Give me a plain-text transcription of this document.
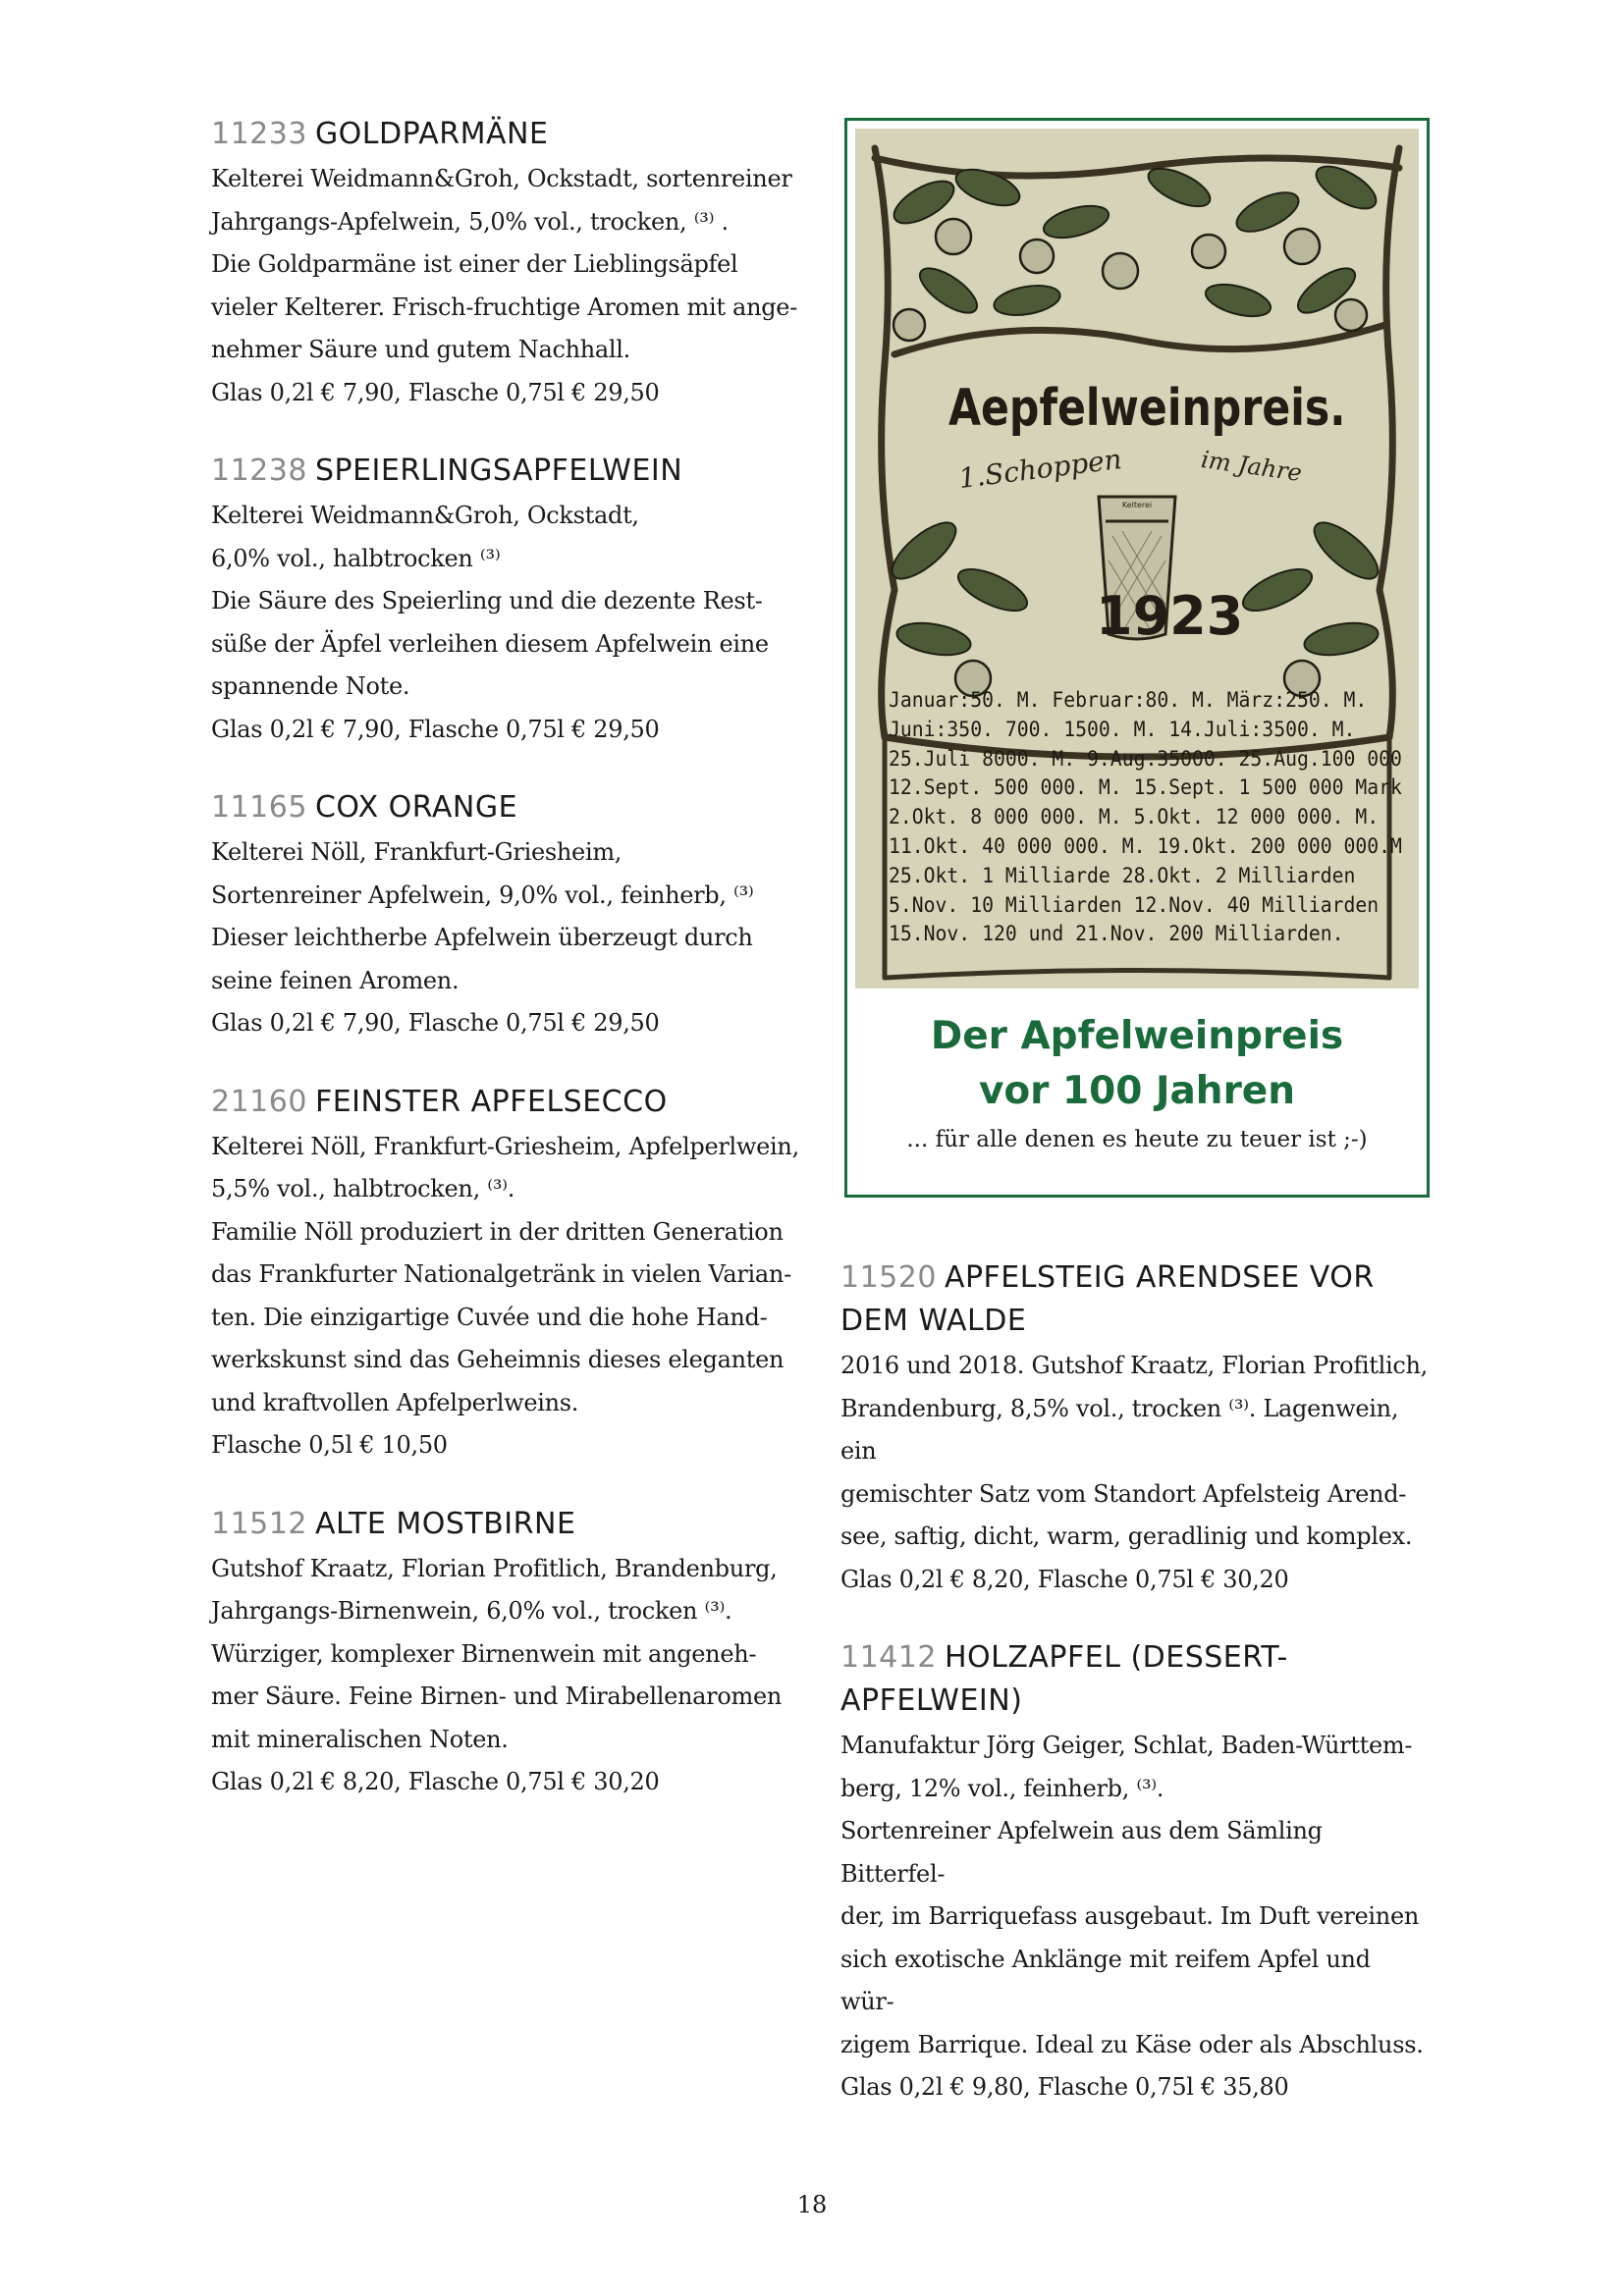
11233 GOLDPARMÄNE

Kelterei Weidmann&Groh, Ockstadt, sortenreiner
Jahrgangs-Apfelwein, 5,0% vol., trocken, ⁽³⁾ .
Die Goldparmäne ist einer der Lieblingsäpfel
vieler Kelterer. Frisch-fruchtige Aromen mit ange-
nehmer Säure und gutem Nachhall.
Glas 0,2l € 7,90, Flasche 0,75l € 29,50

11238 SPEIERLINGSAPFELWEIN

Kelterei Weidmann&Groh, Ockstadt,
6,0% vol., halbtrocken ⁽³⁾
Die Säure des Speierling und die dezente Rest-
süße der Äpfel verleihen diesem Apfelwein eine
spannende Note.
Glas 0,2l € 7,90, Flasche 0,75l € 29,50

11165 COX ORANGE

Kelterei Nöll, Frankfurt-Griesheim,
Sortenreiner Apfelwein, 9,0% vol., feinherb, ⁽³⁾
Dieser leichtherbe Apfelwein überzeugt durch
seine feinen Aromen.
Glas 0,2l € 7,90, Flasche 0,75l € 29,50

21160 FEINSTER APFELSECCO

Kelterei Nöll, Frankfurt-Griesheim, Apfelperlwein,
5,5% vol., halbtrocken, ⁽³⁾.
Familie Nöll produziert in der dritten Generation
das Frankfurter Nationalgetränk in vielen Varian-
ten. Die einzigartige Cuvée und die hohe Hand-
werkskunst sind das Geheimnis dieses eleganten
und kraftvollen Apfelperlweins.
Flasche 0,5l € 10,50

11512 ALTE MOSTBIRNE

Gutshof Kraatz, Florian Profitlich, Brandenburg,
Jahrgangs-Birnenwein, 6,0% vol., trocken ⁽³⁾.
Würziger, komplexer Birnenwein mit angeneh-
mer Säure. Feine Birnen- und Mirabellenaromen
mit mineralischen Noten.
Glas 0,2l € 8,20, Flasche 0,75l € 30,20

Aepfelweinpreis.
1.Schoppen	im Jahre
Kelterei
1923
Januar:50. M. Februar:80. M. März:250. M.
Juni:350. 700. 1500. M. 14.Juli:3500. M.
25.Juli 8000. M. 9.Aug.35000. 25.Aug.100 000
12.Sept. 500 000. M. 15.Sept. 1 500 000 Mark
2.Okt. 8 000 000. M. 5.Okt. 12 000 000. M.
11.Okt. 40 000 000. M. 19.Okt. 200 000 000.M
25.Okt. 1 Milliarde 28.Okt. 2 Milliarden
5.Nov. 10 Milliarden 12.Nov. 40 Milliarden
15.Nov. 120 und 21.Nov. 200 Milliarden.
Der Apfelweinpreis
vor 100 Jahren

... für alle denen es heute zu teuer ist ;-)

11520 APFELSTEIG ARENDSEE VOR DEM WALDE

2016 und 2018. Gutshof Kraatz, Florian Profitlich,
Brandenburg, 8,5% vol., trocken ⁽³⁾. Lagenwein, ein
gemischter Satz vom Standort Apfelsteig Arend-
see, saftig, dicht, warm, geradlinig und komplex.
Glas 0,2l € 8,20, Flasche 0,75l € 30,20

11412 HOLZAPFEL (DESSERT-APFELWEIN)

Manufaktur Jörg Geiger, Schlat, Baden-Württem-
berg, 12% vol., feinherb, ⁽³⁾.
Sortenreiner Apfelwein aus dem Sämling Bitterfel-
der, im Barriquefass ausgebaut. Im Duft vereinen
sich exotische Anklänge mit reifem Apfel und wür-
zigem Barrique. Ideal zu Käse oder als Abschluss.
Glas 0,2l € 9,80, Flasche 0,75l € 35,80

18
